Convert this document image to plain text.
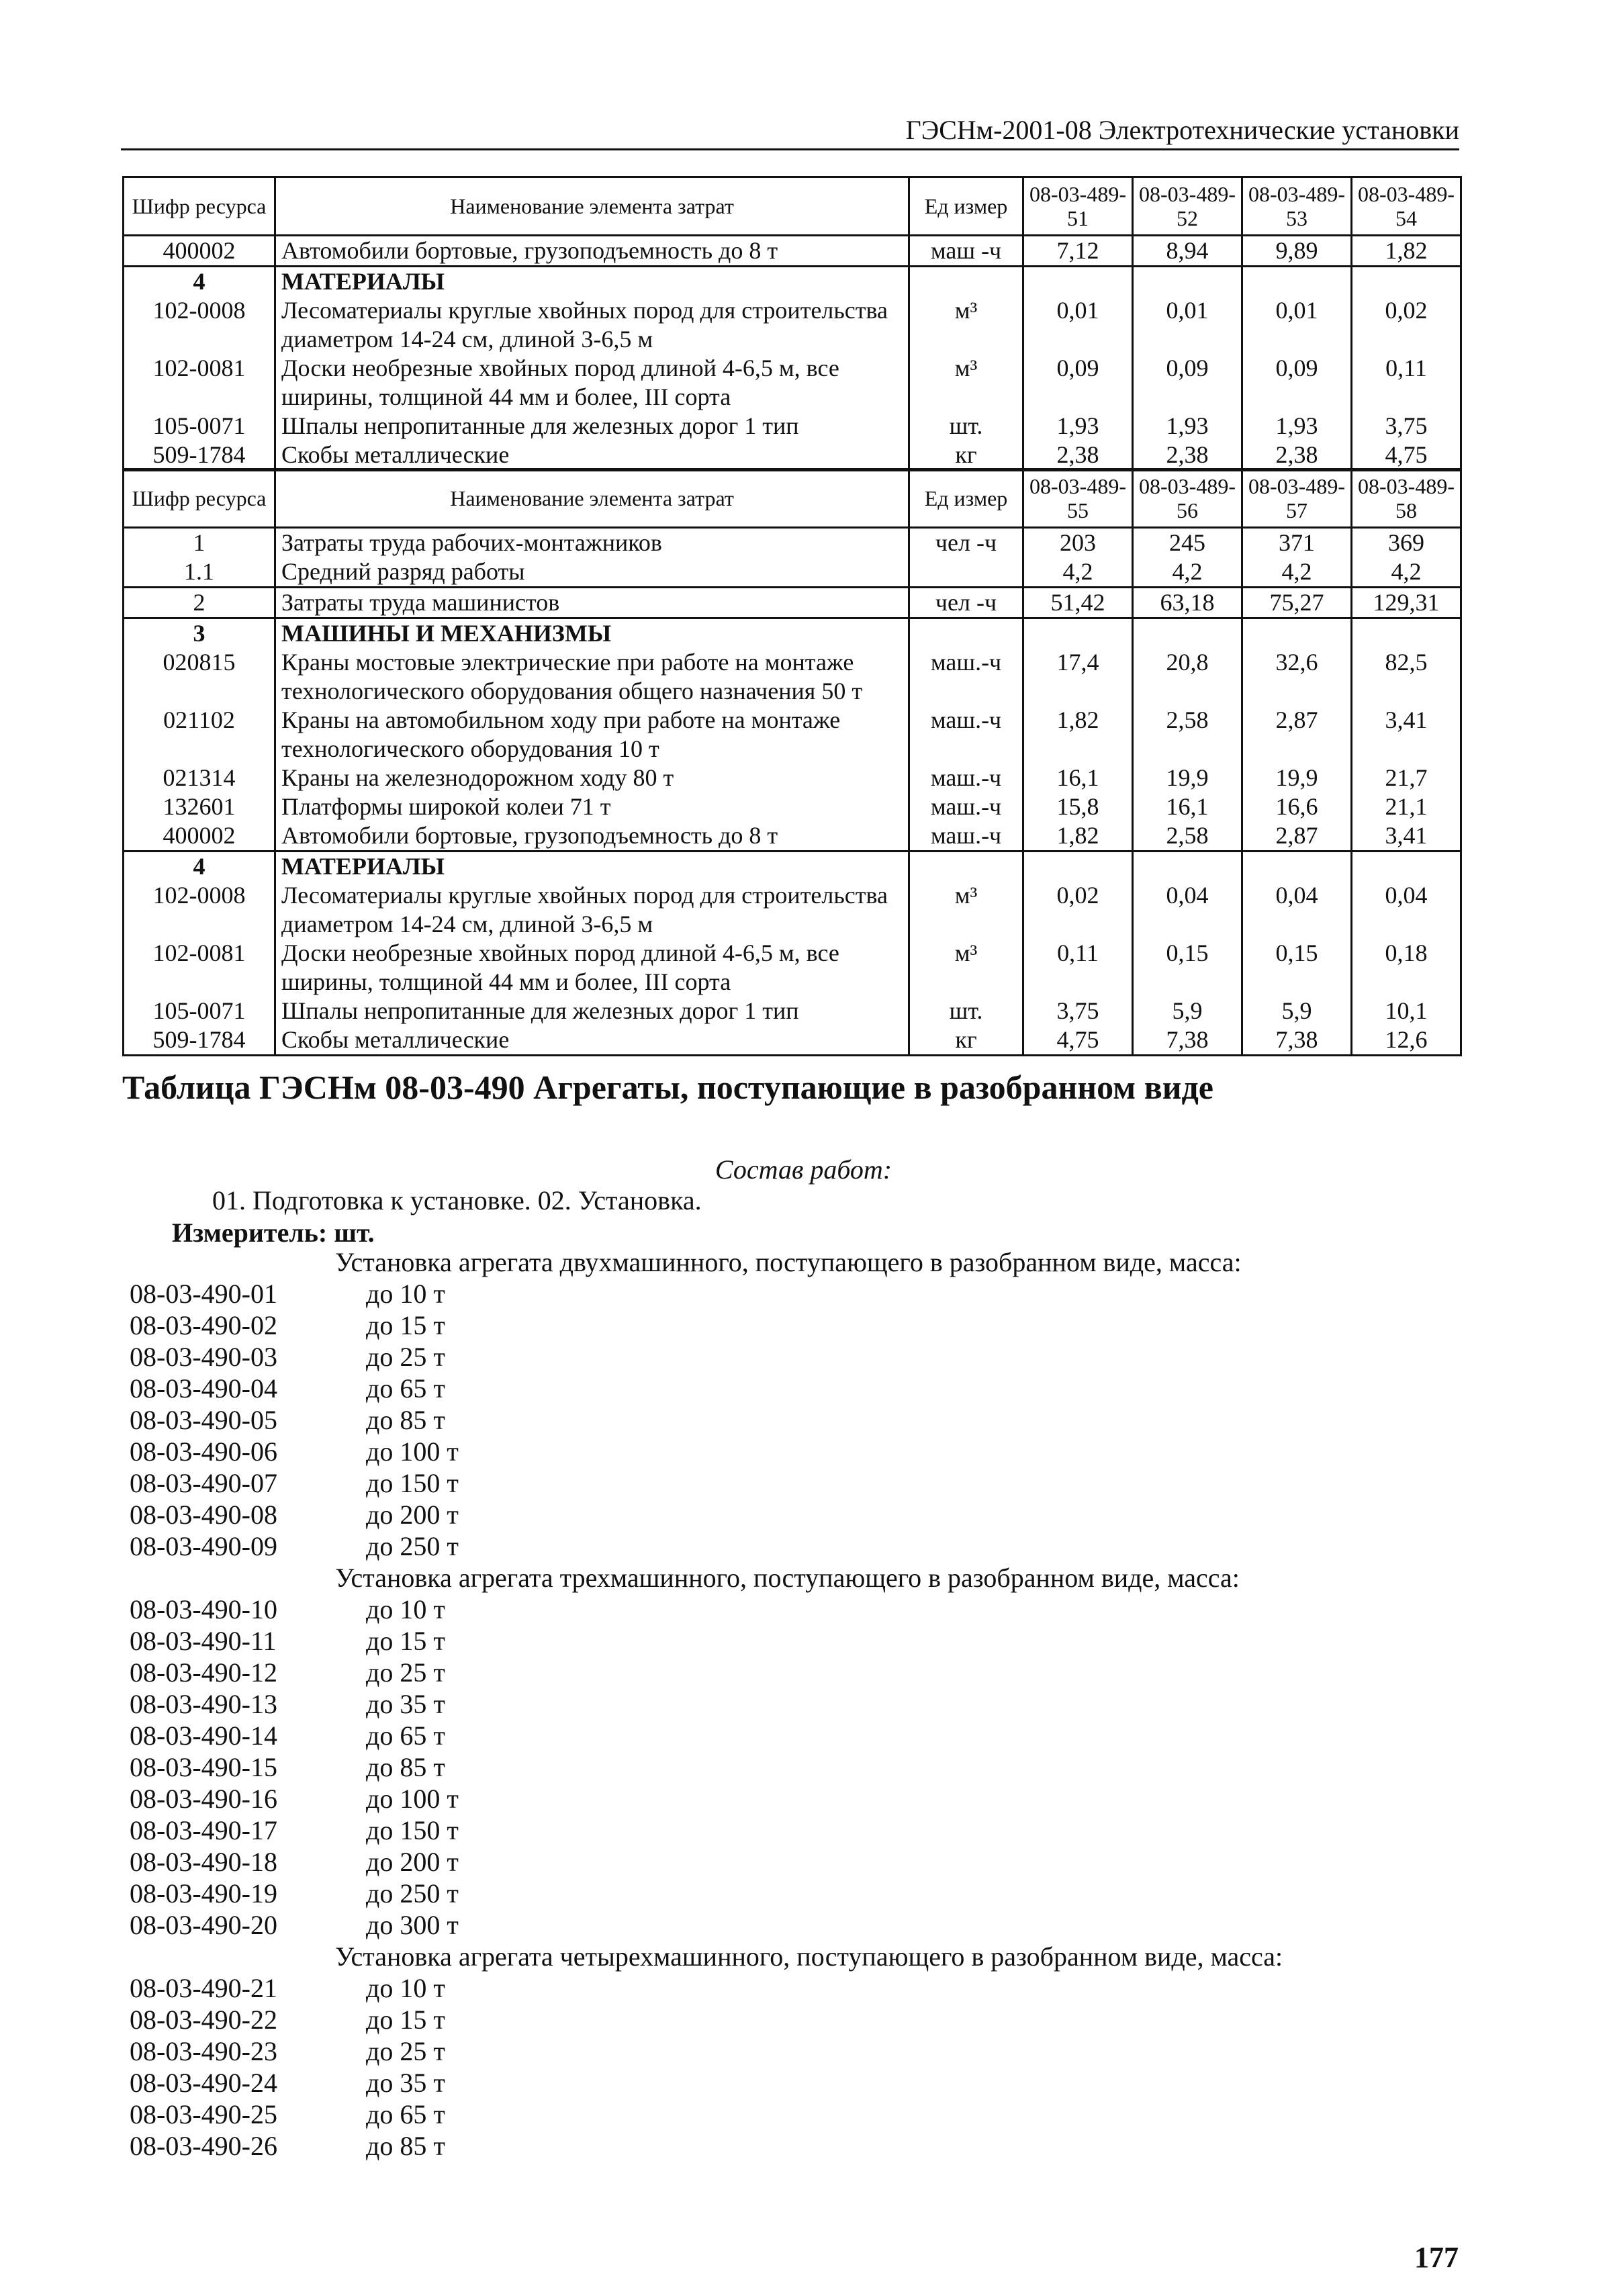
ГЭСНм-2001-08 Электротехнические установки
Шифр ресурса	Наименование элемента затрат	Ед измер	08-03-489-51	08-03-489-52	08-03-489-53	08-03-489-54
400002	Автомобили бортовые, грузоподъемность до 8 т	маш -ч	7,12	8,94	9,89	1,82
4	МАТЕРИАЛЫ					
102-0008	Лесоматериалы круглые хвойных пород для строительства диаметром 14-24 см, длиной 3-6,5 м	м³	0,01	0,01	0,01	0,02
102-0081	Доски необрезные хвойных пород длиной 4-6,5 м, все ширины, толщиной 44 мм и более, III сорта	м³	0,09	0,09	0,09	0,11
105-0071	Шпалы непропитанные для железных дорог 1 тип	шт.	1,93	1,93	1,93	3,75
509-1784	Скобы металлические	кг	2,38	2,38	2,38	4,75
Шифр ресурса	Наименование элемента затрат	Ед измер	08-03-489-55	08-03-489-56	08-03-489-57	08-03-489-58
1	Затраты труда рабочих-монтажников	чел -ч	203	245	371	369
1.1	Средний разряд работы		4,2	4,2	4,2	4,2
2	Затраты труда машинистов	чел -ч	51,42	63,18	75,27	129,31
3	МАШИНЫ И МЕХАНИЗМЫ					
020815	Краны мостовые электрические при работе на монтаже технологического оборудования общего назначения 50 т	маш.-ч	17,4	20,8	32,6	82,5
021102	Краны на автомобильном ходу при работе на монтаже технологического оборудования 10 т	маш.-ч	1,82	2,58	2,87	3,41
021314	Краны на железнодорожном ходу 80 т	маш.-ч	16,1	19,9	19,9	21,7
132601	Платформы широкой колеи 71 т	маш.-ч	15,8	16,1	16,6	21,1
400002	Автомобили бортовые, грузоподъемность до 8 т	маш.-ч	1,82	2,58	2,87	3,41
4	МАТЕРИАЛЫ					
102-0008	Лесоматериалы круглые хвойных пород для строительства диаметром 14-24 см, длиной 3-6,5 м	м³	0,02	0,04	0,04	0,04
102-0081	Доски необрезные хвойных пород длиной 4-6,5 м, все ширины, толщиной 44 мм и более, III сорта	м³	0,11	0,15	0,15	0,18
105-0071	Шпалы непропитанные для железных дорог 1 тип	шт.	3,75	5,9	5,9	10,1
509-1784	Скобы металлические	кг	4,75	7,38	7,38	12,6
Таблица ГЭСНм 08-03-490 Агрегаты, поступающие в разобранном виде
Состав работ:
01. Подготовка к установке. 02. Установка.
Измеритель: шт.
Установка агрегата двухмашинного, поступающего в разобранном виде, масса:
08-03-490-01	до 10 т
08-03-490-02	до 15 т
08-03-490-03	до 25 т
08-03-490-04	до 65 т
08-03-490-05	до 85 т
08-03-490-06	до 100 т
08-03-490-07	до 150 т
08-03-490-08	до 200 т
08-03-490-09	до 250 т
Установка агрегата трехмашинного, поступающего в разобранном виде, масса:
08-03-490-10	до 10 т
08-03-490-11	до 15 т
08-03-490-12	до 25 т
08-03-490-13	до 35 т
08-03-490-14	до 65 т
08-03-490-15	до 85 т
08-03-490-16	до 100 т
08-03-490-17	до 150 т
08-03-490-18	до 200 т
08-03-490-19	до 250 т
08-03-490-20	до 300 т
Установка агрегата четырехмашинного, поступающего в разобранном виде, масса:
08-03-490-21	до 10 т
08-03-490-22	до 15 т
08-03-490-23	до 25 т
08-03-490-24	до 35 т
08-03-490-25	до 65 т
08-03-490-26	до 85 т
177
